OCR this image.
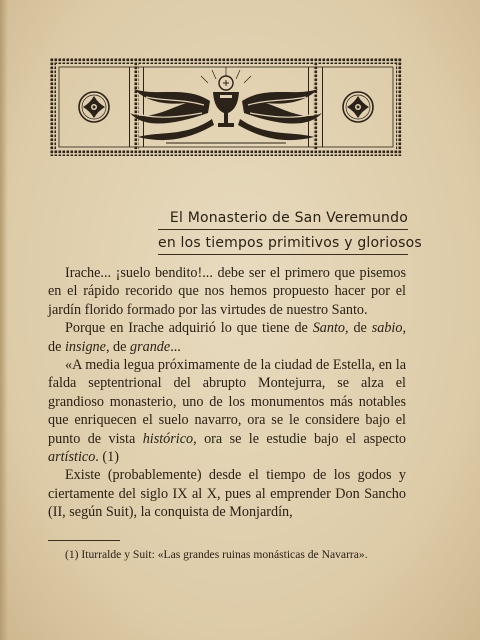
El Monasterio de San Veremundo
en los tiempos primitivos y gloriosos

Irache... ¡suelo bendito!... debe ser el primero que pisemos en el rápido recorido que nos hemos propuesto hacer por el jardín florido formado por las virtudes de nuestro Santo.

Porque en Irache adquirió lo que tiene de Santo, de sabio, de insigne, de grande...

«A media legua próximamente de la ciudad de Estella, en la falda septentrional del abrupto Montejurra, se alza el grandioso monasterio, uno de los monumentos más notables que enriquecen el suelo navarro, ora se le considere bajo el punto de vista histórico, ora se le estudie bajo el aspecto artístico. (1)

Existe (probablemente) desde el tiempo de los godos y ciertamente del siglo IX al X, pues al emprender Don Sancho (II, según Suit), la conquista de Monjardín,

(1) Iturralde y Suit: «Las grandes ruinas monásticas de Navarra».
